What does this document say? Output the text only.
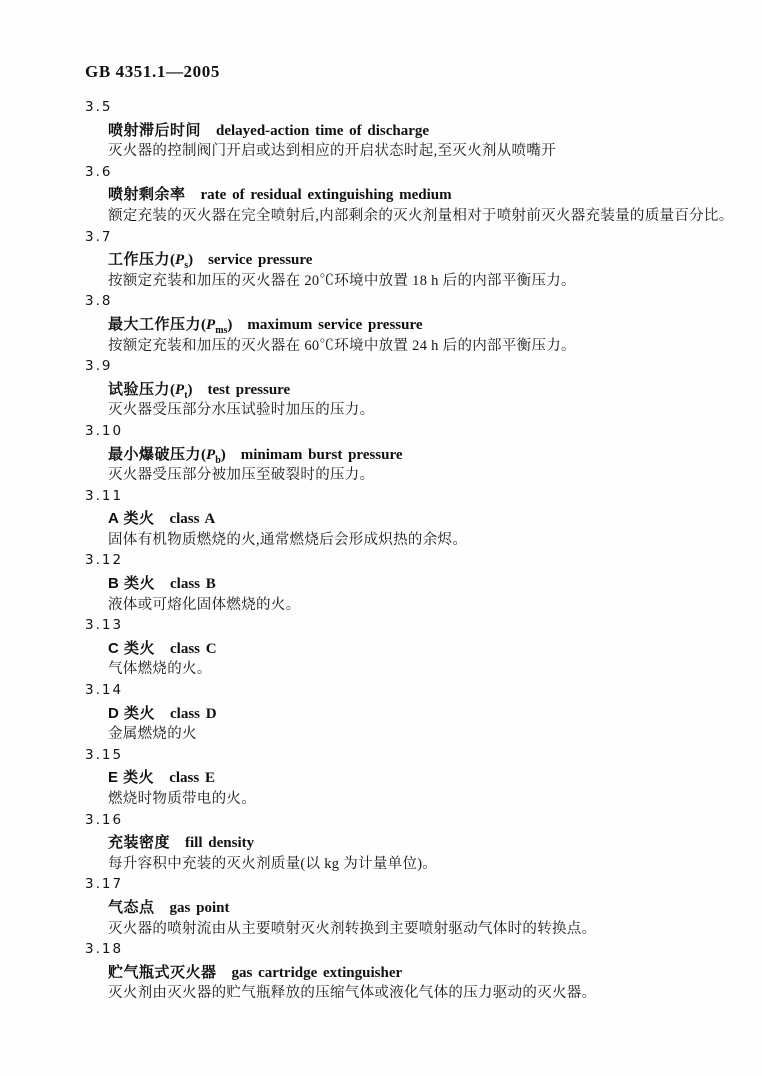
GB 4351.1—2005
3.5
喷射滞后时间 delayed-action time of discharge
灭火器的控制阀门开启或达到相应的开启状态时起,至灭火剂从喷嘴开
3.6
喷射剩余率 rate of residual extinguishing medium
额定充装的灭火器在完全喷射后,内部剩余的灭火剂量相对于喷射前灭火器充装量的质量百分比。
3.7
工作压力$(P_s)$ service pressure
按额定充装和加压的灭火器在 20℃环境中放置 18 h 后的内部平衡压力。
3.8
最大工作压力$(P_{ms})$ maximum service pressure
按额定充装和加压的灭火器在 60℃环境中放置 24 h 后的内部平衡压力。
3.9
试验压力$(P_t)$ test pressure
灭火器受压部分水压试验时加压的压力。
3.10
最小爆破压力$(P_b)$ minimam burst pressure
灭火器受压部分被加压至破裂时的压力。
3.11
A 类火 class A
固体有机物质燃烧的火,通常燃烧后会形成炽热的余烬。
3.12
B 类火 class B
液体或可熔化固体燃烧的火。
3.13
C 类火 class C
气体燃烧的火。
3.14
D 类火 class D
金属燃烧的火
3.15
E 类火 class E
燃烧时物质带电的火。
3.16
充装密度 fill density
每升容积中充装的灭火剂质量(以 kg 为计量单位)。
3.17
气态点 gas point
灭火器的喷射流由从主要喷射灭火剂转换到主要喷射驱动气体时的转换点。
3.18
贮气瓶式灭火器 gas cartridge extinguisher
灭火剂由灭火器的贮气瓶释放的压缩气体或液化气体的压力驱动的灭火器。
